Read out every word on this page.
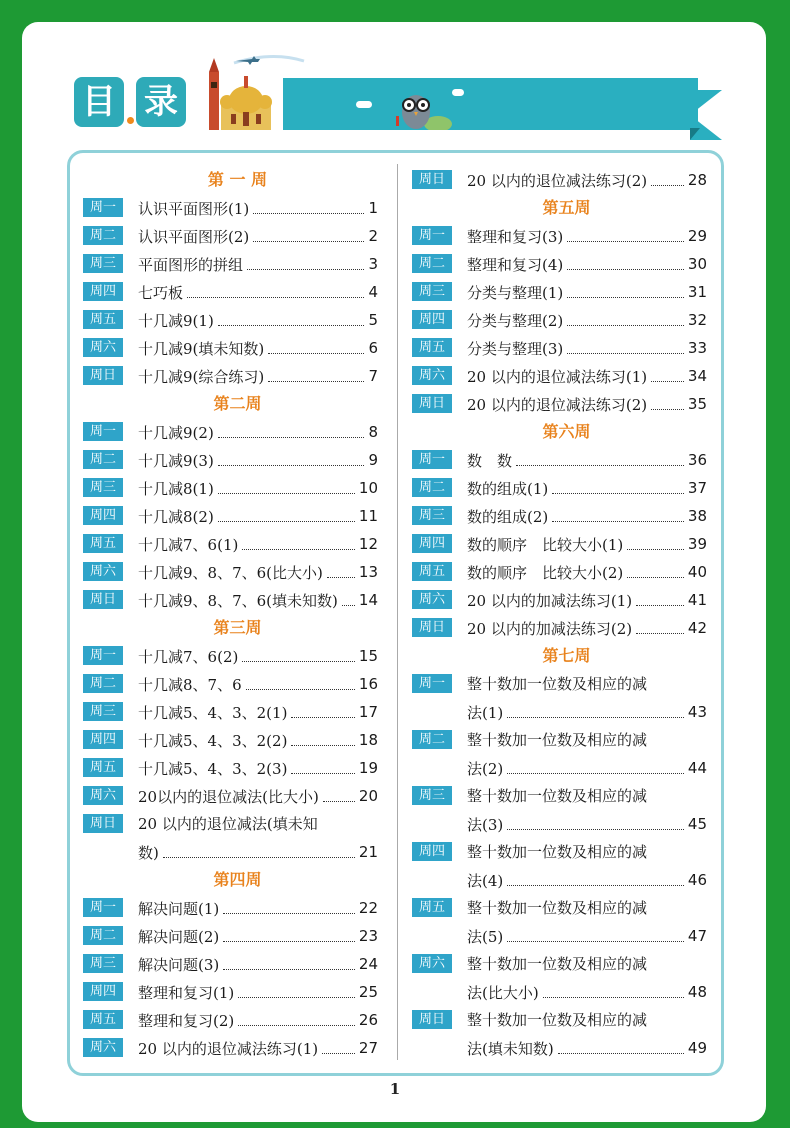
目 录
第 一 周
周一	认识平面图形(1)	1
周二	认识平面图形(2)	2
周三	平面图形的拼组	3
周四	七巧板	4
周五	十几减9(1)	5
周六	十几减9(填未知数)	6
周日	十几减9(综合练习)	7
第二周
周一	十几减9(2)	8
周二	十几减9(3)	9
周三	十几减8(1)	10
周四	十几减8(2)	11
周五	十几减7、6(1)	12
周六	十几减9、8、7、6(比大小) 13
周日	十几减9、8、7、6(填未知数) 14
第三周
周一	十几减7、6(2)	15
周二	十几减8、7、6	16
周三	十几减5、4、3、2(1)	17
周四	十几减5、4、3、2(2)	18
周五	十几减5、4、3、2(3)	19
周六	20以内的退位减法(比大小)	20
周日	20 以内的退位减法(填未知
数)	21
第四周
周一	解决问题(1)	22
周二	解决问题(2)	23
周三	解决问题(3)	24
周四	整理和复习(1)	25
周五	整理和复习(2)	26
周六	20 以内的退位减法练习(1)	27
周日	20 以内的退位减法练习(2)	28
第五周
周一	整理和复习(3)	29
周二	整理和复习(4)	30
周三	分类与整理(1)	31
周四	分类与整理(2)	32
周五	分类与整理(3)	33
周六	20 以内的退位减法练习(1)	34
周日	20 以内的退位减法练习(2)	35
第六周
周一	数　数	36
周二	数的组成(1)	37
周三	数的组成(2)	38
周四	数的顺序　比较大小(1)	39
周五	数的顺序　比较大小(2)	40
周六	20 以内的加减法练习(1)	41
周日	20 以内的加减法练习(2)	42
第七周
周一	整十数加一位数及相应的减
法(1)	43
周二	整十数加一位数及相应的减
法(2)	44
周三	整十数加一位数及相应的减
法(3)	45
周四	整十数加一位数及相应的减
法(4)	46
周五	整十数加一位数及相应的减
法(5)	47
周六	整十数加一位数及相应的减
法(比大小)	48
周日	整十数加一位数及相应的减
法(填未知数)	49
1
